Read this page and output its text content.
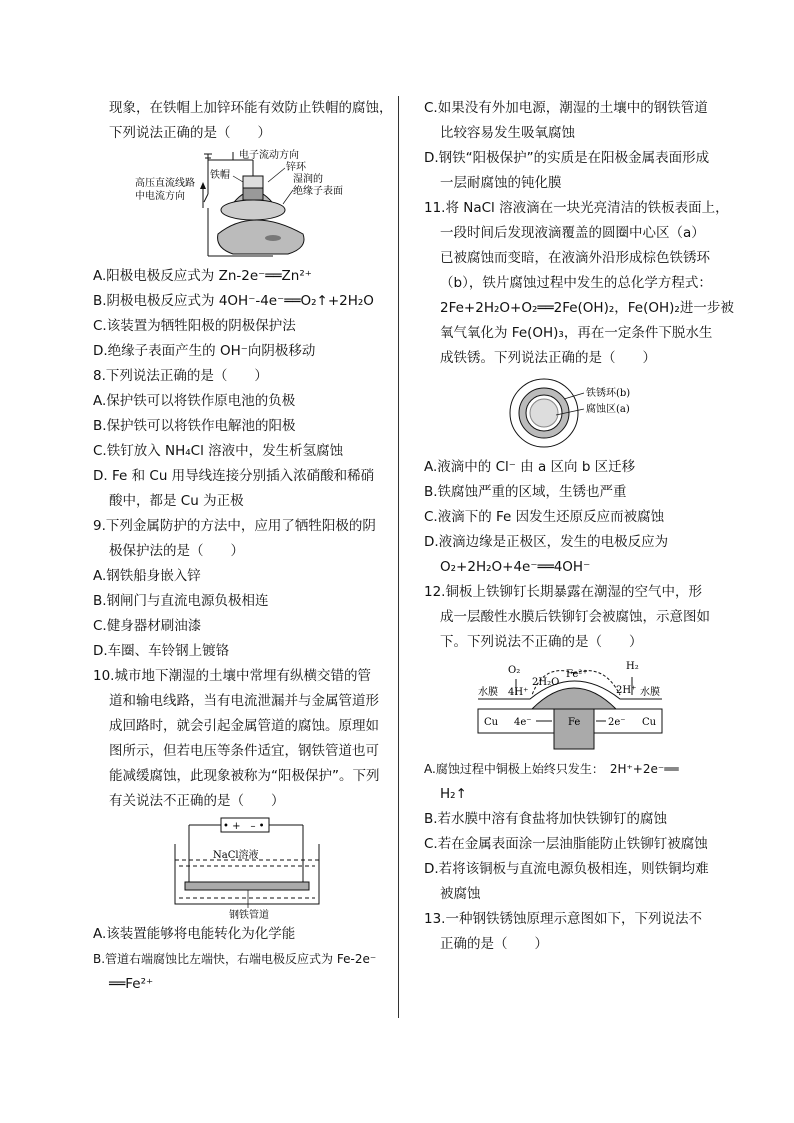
现象，在铁帽上加锌环能有效防止铁帽的腐蚀，
下列说法正确的是（　　）
电子流动方向
锌环
铁帽	湿润的
绝缘子表面
高压直流线路
中电流方向
A.阳极电极反应式为 Zn-2e⁻══Zn²⁺
B.阴极电极反应式为 4OH⁻-4e⁻══O₂↑+2H₂O
C.该装置为牺牲阳极的阴极保护法
D.绝缘子表面产生的 OH⁻向阴极移动
8.下列说法正确的是（　　）
A.保护铁可以将铁作原电池的负极
B.保护铁可以将铁作电解池的阳极
C.铁钉放入 NH₄Cl 溶液中，发生析氢腐蚀
D. Fe 和 Cu 用导线连接分别插入浓硝酸和稀硝
酸中，都是 Cu 为正极
9.下列金属防护的方法中，应用了牺牲阳极的阴
极保护法的是（　　）
A.钢铁船身嵌入锌
B.钢闸门与直流电源负极相连
C.健身器材刷油漆
D.车圈、车铃钢上镀铬
10.城市地下潮湿的土壤中常埋有纵横交错的管
道和输电线路，当有电流泄漏并与金属管道形
成回路时，就会引起金属管道的腐蚀。原理如
图所示，但若电压等条件适宜，钢铁管道也可
能减缓腐蚀，此现象被称为“阳极保护”。下列
有关说法不正确的是（　　）
• +　– •
NaCl溶液
钢铁管道
A.该装置能够将电能转化为化学能
B.管道右端腐蚀比左端快，右端电极反应式为 Fe-2e⁻
══Fe²⁺
C.如果没有外加电源，潮湿的土壤中的钢铁管道
比较容易发生吸氧腐蚀
D.钢铁“阳极保护”的实质是在阳极金属表面形成
一层耐腐蚀的钝化膜
11.将 NaCl 溶液滴在一块光亮清洁的铁板表面上，
一段时间后发现液滴覆盖的圆圈中心区（a）
已被腐蚀而变暗，在液滴外沿形成棕色铁锈环
（b），铁片腐蚀过程中发生的总化学方程式：
2Fe+2H₂O+O₂══2Fe(OH)₂，Fe(OH)₂进一步被
氧气氧化为 Fe(OH)₃，再在一定条件下脱水生
成铁锈。下列说法正确的是（　　）
铁锈环(b)
腐蚀区(a)
A.液滴中的 Cl⁻ 由 a 区向 b 区迁移
B.铁腐蚀严重的区域，生锈也严重
C.液滴下的 Fe 因发生还原反应而被腐蚀
D.液滴边缘是正极区，发生的电极反应为
O₂+2H₂O+4e⁻══4OH⁻
12.铜板上铁铆钉长期暴露在潮湿的空气中，形
成一层酸性水膜后铁铆钉会被腐蚀，示意图如
下。下列说法不正确的是（　　）
O₂
2H₂O
Fe²⁺
H₂
水膜	水膜
4H⁺	2H⁺
Cu	Cu
4e⁻	Fe	2e⁻
A.腐蚀过程中铜极上始终只发生：　2H⁺+2e⁻══
H₂↑
B.若水膜中溶有食盐将加快铁铆钉的腐蚀
C.若在金属表面涂一层油脂能防止铁铆钉被腐蚀
D.若将该铜板与直流电源负极相连，则铁铜均难
被腐蚀
13.一种钢铁锈蚀原理示意图如下，下列说法不
正确的是（　　）
